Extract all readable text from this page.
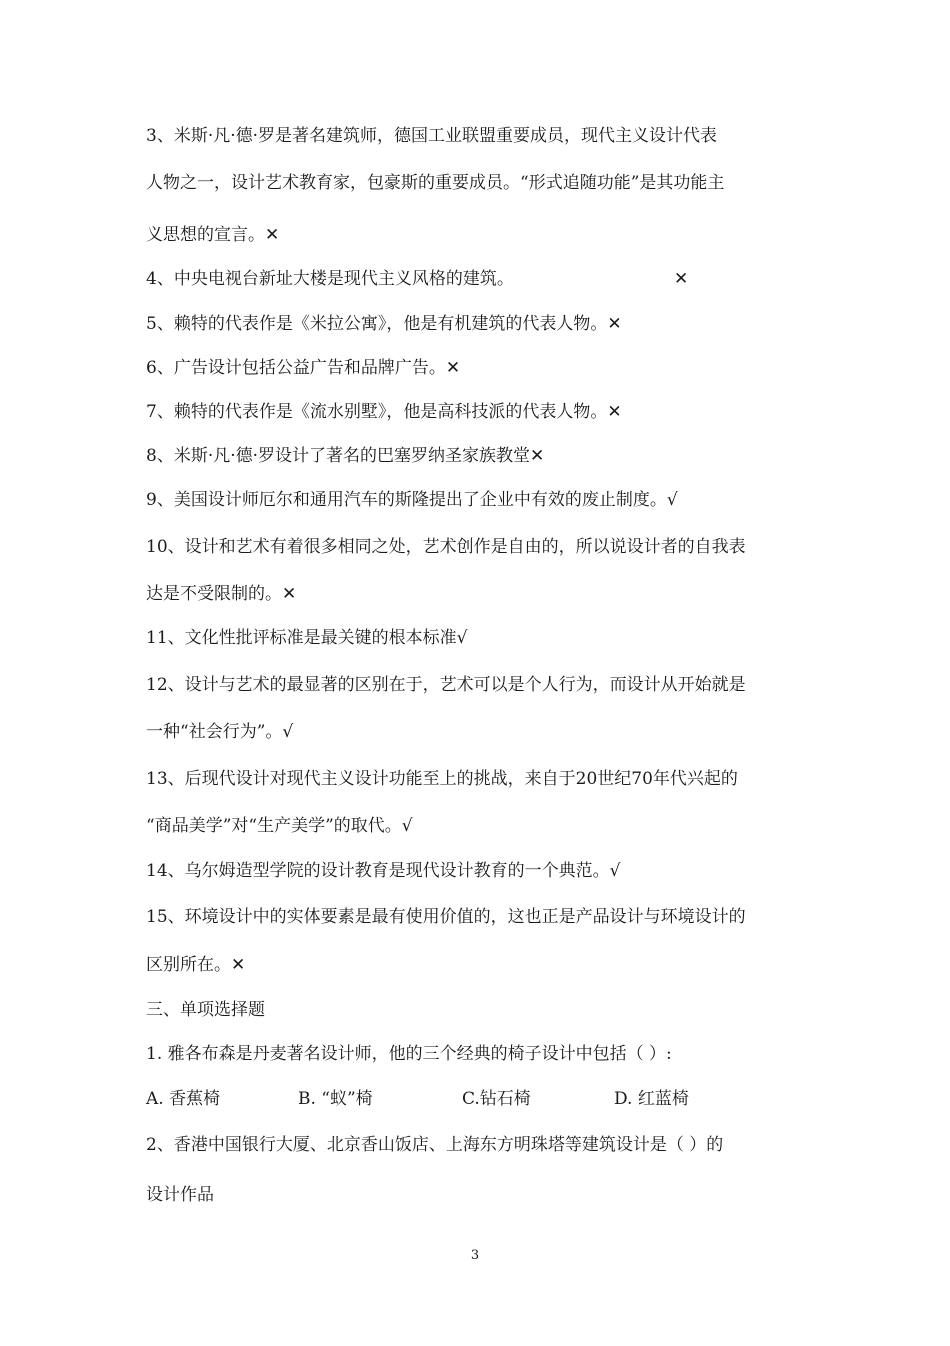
3、米斯·凡·德·罗是著名建筑师，德国工业联盟重要成员，现代主义设计代表
人物之一，设计艺术教育家，包豪斯的重要成员。“形式追随功能”是其功能主
义思想的宣言。✕
4、中央电视台新址大楼是现代主义风格的建筑。	✕
5、赖特的代表作是《米拉公寓》，他是有机建筑的代表人物。✕
6、广告设计包括公益广告和品牌广告。✕
7、赖特的代表作是《流水别墅》，他是高科技派的代表人物。✕
8、米斯·凡·德·罗设计了著名的巴塞罗纳圣家族教堂✕
9、美国设计师厄尔和通用汽车的斯隆提出了企业中有效的废止制度。√
10、设计和艺术有着很多相同之处，艺术创作是自由的，所以说设计者的自我表
达是不受限制的。✕
11、文化性批评标准是最关键的根本标准√
12、设计与艺术的最显著的区别在于，艺术可以是个人行为，而设计从开始就是
一种“社会行为”。√
13、后现代设计对现代主义设计功能至上的挑战，来自于20世纪70年代兴起的
“商品美学”对“生产美学”的取代。√
14、乌尔姆造型学院的设计教育是现代设计教育的一个典范。√
15、环境设计中的实体要素是最有使用价值的，这也正是产品设计与环境设计的
区别所在。✕
三、单项选择题
1. 雅各布森是丹麦著名设计师，他的三个经典的椅子设计中包括（ ）:
A. 香蕉椅	B. “蚁”椅	C.钻石椅	D. 红蓝椅
2、香港中国银行大厦、北京香山饭店、上海东方明珠塔等建筑设计是（ ）的
设计作品
3
